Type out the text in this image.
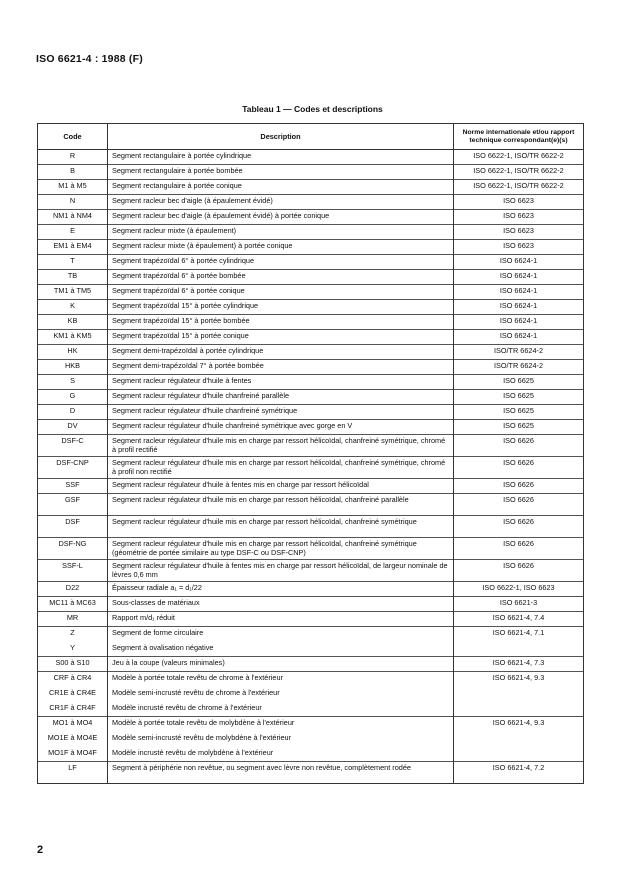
ISO 6621-4 : 1988 (F)
Tableau 1 — Codes et descriptions
Code	Description	Norme internationale et/ou rapport technique correspondant(e)(s)
R	Segment rectangulaire à portée cylindrique	ISO 6622-1, ISO/TR 6622-2
B	Segment rectangulaire à portée bombée	ISO 6622-1, ISO/TR 6622-2
M1 à M5	Segment rectangulaire à portée conique	ISO 6622-1, ISO/TR 6622-2
N	Segment racleur bec d'aigle (à épaulement évidé)	ISO 6623
NM1 à NM4	Segment racleur bec d'aigle (à épaulement évidé) à portée conique	ISO 6623
E	Segment racleur mixte (à épaulement)	ISO 6623
EM1 à EM4	Segment racleur mixte (à épaulement) à portée conique	ISO 6623
T	Segment trapézoïdal 6° à portée cylindrique	ISO 6624-1
TB	Segment trapézoïdal 6° à portée bombée	ISO 6624-1
TM1 à TM5	Segment trapézoïdal 6° à portée conique	ISO 6624-1
K	Segment trapézoïdal 15° à portée cylindrique	ISO 6624-1
KB	Segment trapézoïdal 15° à portée bombée	ISO 6624-1
KM1 à KM5	Segment trapézoïdal 15° à portée conique	ISO 6624-1
HK	Segment demi-trapézoïdal à portée cylindrique	ISO/TR 6624-2
HKB	Segment demi-trapézoïdal 7° à portée bombée	ISO/TR 6624-2
S	Segment racleur régulateur d'huile à fentes	ISO 6625
G	Segment racleur régulateur d'huile chanfreiné parallèle	ISO 6625
D	Segment racleur régulateur d'huile chanfreiné symétrique	ISO 6625
DV	Segment racleur régulateur d'huile chanfreiné symétrique avec gorge en V	ISO 6625
DSF-C	Segment racleur régulateur d'huile mis en charge par ressort hélicoïdal, chanfreiné symétrique, chromé à profil rectifié	ISO 6626
DSF-CNP	Segment racleur régulateur d'huile mis en charge par ressort hélicoïdal, chanfreiné symétrique, chromé à profil non rectifié	ISO 6626
SSF	Segment racleur régulateur d'huile à fentes mis en charge par ressort hélicoïdal	ISO 6626
GSF	Segment racleur régulateur d'huile mis en charge par ressort hélicoïdal, chanfreiné parallèle	ISO 6626
DSF	Segment racleur régulateur d'huile mis en charge par ressort hélicoïdal, chanfreiné symétrique	ISO 6626
DSF-NG	Segment racleur régulateur d'huile mis en charge par ressort hélicoïdal, chanfreiné symétrique (géométrie de portée similaire au type DSF-C ou DSF-CNP)	ISO 6626
SSF-L	Segment racleur régulateur d'huile à fentes mis en charge par ressort hélicoïdal, de largeur nominale de lèvres 0,6 mm	ISO 6626
D22	Épaisseur radiale a₁ = d₁/22	ISO 6622-1, ISO 6623
MC11 à MC63	Sous-classes de matériaux	ISO 6621-3
MR	Rapport m/d₁ réduit	ISO 6621-4, 7.4
Z	Segment de forme circulaire	ISO 6621-4, 7.1
Y	Segment à ovalisation négative	
S00 à S10	Jeu à la coupe (valeurs minimales)	ISO 6621-4, 7.3
CRF à CR4	Modèle à portée totale revêtu de chrome à l'extérieur	ISO 6621-4, 9.3
CR1E à CR4E	Modèle semi-incrusté revêtu de chrome à l'extérieur	
CR1F à CR4F	Modèle incrusté revêtu de chrome à l'extérieur	
MO1 à MO4	Modèle à portée totale revêtu de molybdène à l'extérieur	ISO 6621-4, 9.3
MO1E à MO4E	Modèle semi-incrusté revêtu de molybdène à l'extérieur	
MO1F à MO4F	Modèle incrusté revêtu de molybdène à l'extérieur	
LF	Segment à périphérie non revêtue, ou segment avec lèvre non revêtue, complètement rodée	ISO 6621-4, 7.2
2
